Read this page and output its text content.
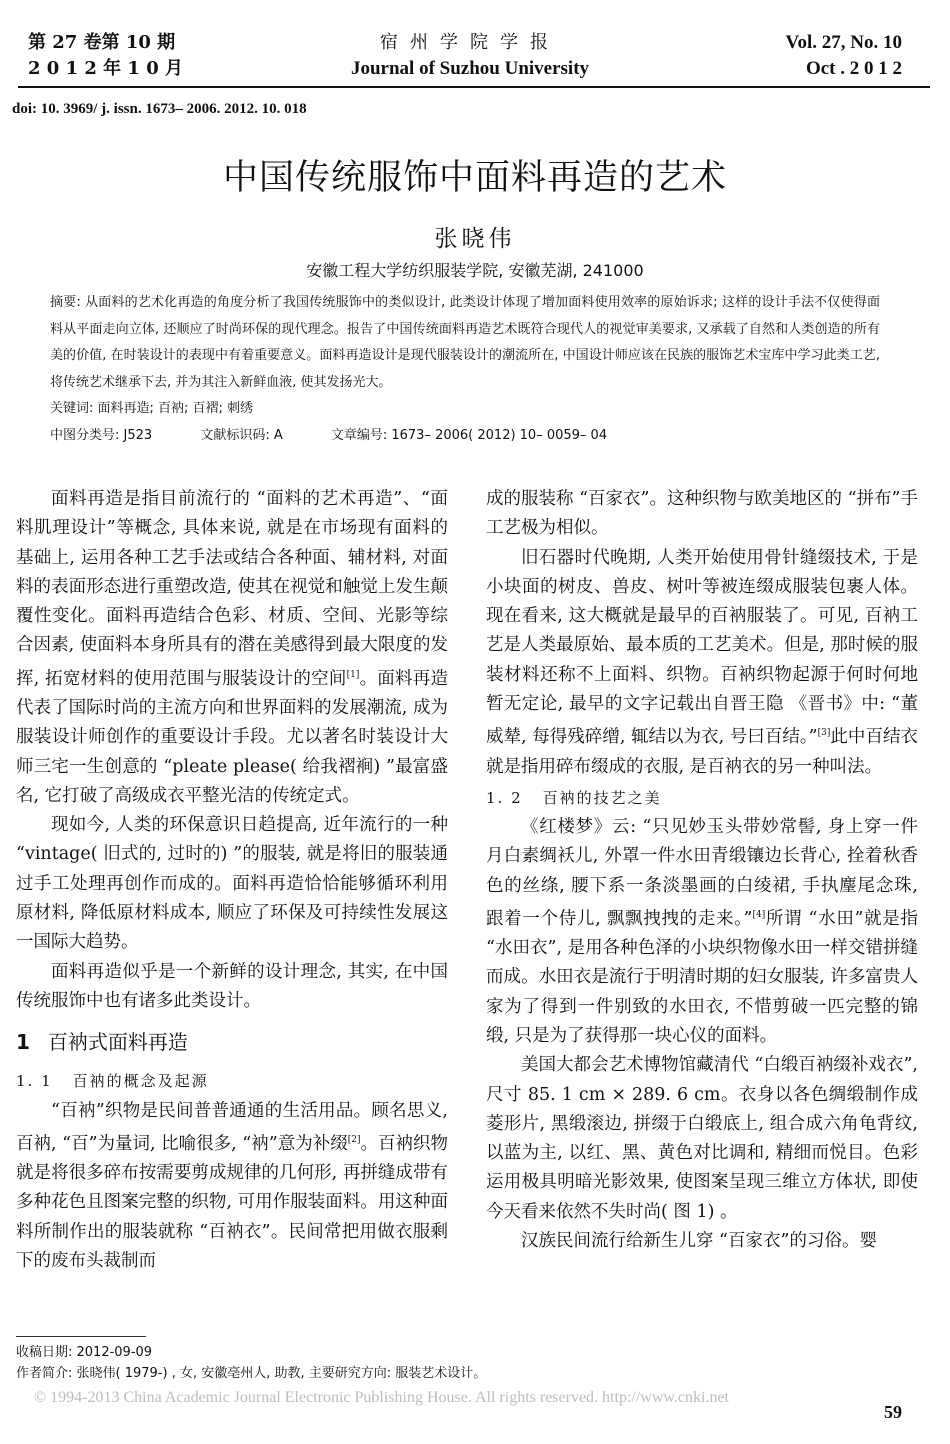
第 27 卷第 10 期
2 0 1 2 年 1 0 月
宿州学院学报
Journal of Suzhou University
Vol. 27, No. 10
Oct . 2 0 1 2
doi: 10. 3969/ j. issn. 1673– 2006. 2012. 10. 018
中国传统服饰中面料再造的艺术
张晓伟
安徽工程大学纺织服装学院, 安徽芜湖, 241000

摘要: 从面料的艺术化再造的角度分析了我国传统服饰中的类似设计, 此类设计体现了增加面料使用效率的原始诉求; 这样的设计手法不仅使得面料从平面走向立体, 还顺应了时尚环保的现代理念。报告了中国传统面料再造艺术既符合现代人的视觉审美要求, 又承载了自然和人类创造的所有美的价值, 在时装设计的表现中有着重要意义。面料再造设计是现代服装设计的潮流所在, 中国设计师应该在民族的服饰艺术宝库中学习此类工艺, 将传统艺术继承下去, 并为其注入新鲜血液, 使其发扬光大。

关键词: 面料再造; 百衲; 百褶; 刺绣

中图分类号: J523	文献标识码: A	文章编号: 1673– 2006( 2012) 10– 0059– 04

面料再造是指目前流行的 “面料的艺术再造”、“面料肌理设计”等概念, 具体来说, 就是在市场现有面料的基础上, 运用各种工艺手法或结合各种面、辅材料, 对面料的表面形态进行重塑改造, 使其在视觉和触觉上发生颠覆性变化。面料再造结合色彩、材质、空间、光影等综合因素, 使面料本身所具有的潜在美感得到最大限度的发挥, 拓宽材料的使用范围与服装设计的空间[1]。面料再造代表了国际时尚的主流方向和世界面料的发展潮流, 成为服装设计师创作的重要设计手段。尤以著名时装设计大师三宅一生创意的 “pleate please( 给我褶裥) ”最富盛名, 它打破了高级成衣平整光洁的传统定式。

现如今, 人类的环保意识日趋提高, 近年流行的一种 “vintage( 旧式的, 过时的) ”的服装, 就是将旧的服装通过手工处理再创作而成的。面料再造恰恰能够循环利用原材料, 降低原材料成本, 顺应了环保及可持续性发展这一国际大趋势。

面料再造似乎是一个新鲜的设计理念, 其实, 在中国传统服饰中也有诸多此类设计。

1 百衲式面料再造

1. 1 百衲的概念及起源

“百衲”织物是民间普普通通的生活用品。顾名思义, 百衲, “百”为量词, 比喻很多, “衲”意为补缀[2]。百衲织物就是将很多碎布按需要剪成规律的几何形, 再拼缝成带有多种花色且图案完整的织物, 可用作服装面料。用这种面料所制作出的服装就称 “百衲衣”。民间常把用做衣服剩下的废布头裁制而

成的服装称 “百家衣”。这种织物与欧美地区的 “拼布”手工艺极为相似。

旧石器时代晚期, 人类开始使用骨针缝缀技术, 于是小块面的树皮、兽皮、树叶等被连缀成服装包裹人体。现在看来, 这大概就是最早的百衲服装了。可见, 百衲工艺是人类最原始、最本质的工艺美术。但是, 那时候的服装材料还称不上面料、织物。百衲织物起源于何时何地暂无定论, 最早的文字记载出自晋王隐 《晋书》中: “董威辇, 每得残碎缯, 辄结以为衣, 号曰百结。”[3]此中百结衣就是指用碎布缀成的衣服, 是百衲衣的另一种叫法。

1. 2 百衲的技艺之美

《红楼梦》云: “只见妙玉头带妙常髻, 身上穿一件月白素绸袄儿, 外罩一件水田青缎镶边长背心, 拴着秋香色的丝绦, 腰下系一条淡墨画的白绫裙, 手执麈尾念珠, 跟着一个侍儿, 飘飘拽拽的走来。”[4]所谓 “水田”就是指 “水田衣”, 是用各种色泽的小块织物像水田一样交错拼缝而成。水田衣是流行于明清时期的妇女服装, 许多富贵人家为了得到一件别致的水田衣, 不惜剪破一匹完整的锦缎, 只是为了获得那一块心仪的面料。

美国大都会艺术博物馆藏清代 “白缎百衲缀补戏衣”, 尺寸 85. 1 cm × 289. 6 cm。衣身以各色绸缎制作成菱形片, 黑缎滚边, 拼缀于白缎底上, 组合成六角龟背纹, 以蓝为主, 以红、黑、黄色对比调和, 精细而悦目。色彩运用极具明暗光影效果, 使图案呈现三维立方体状, 即使今天看来依然不失时尚( 图 1) 。

汉族民间流行给新生儿穿 “百家衣”的习俗。婴

收稿日期: 2012-09-09

作者简介: 张晓伟( 1979-) , 女, 安徽亳州人, 助教, 主要研究方向: 服装艺术设计。

© 1994-2013 China Academic Journal Electronic Publishing House. All rights reserved. http://www.cnki.net
59
